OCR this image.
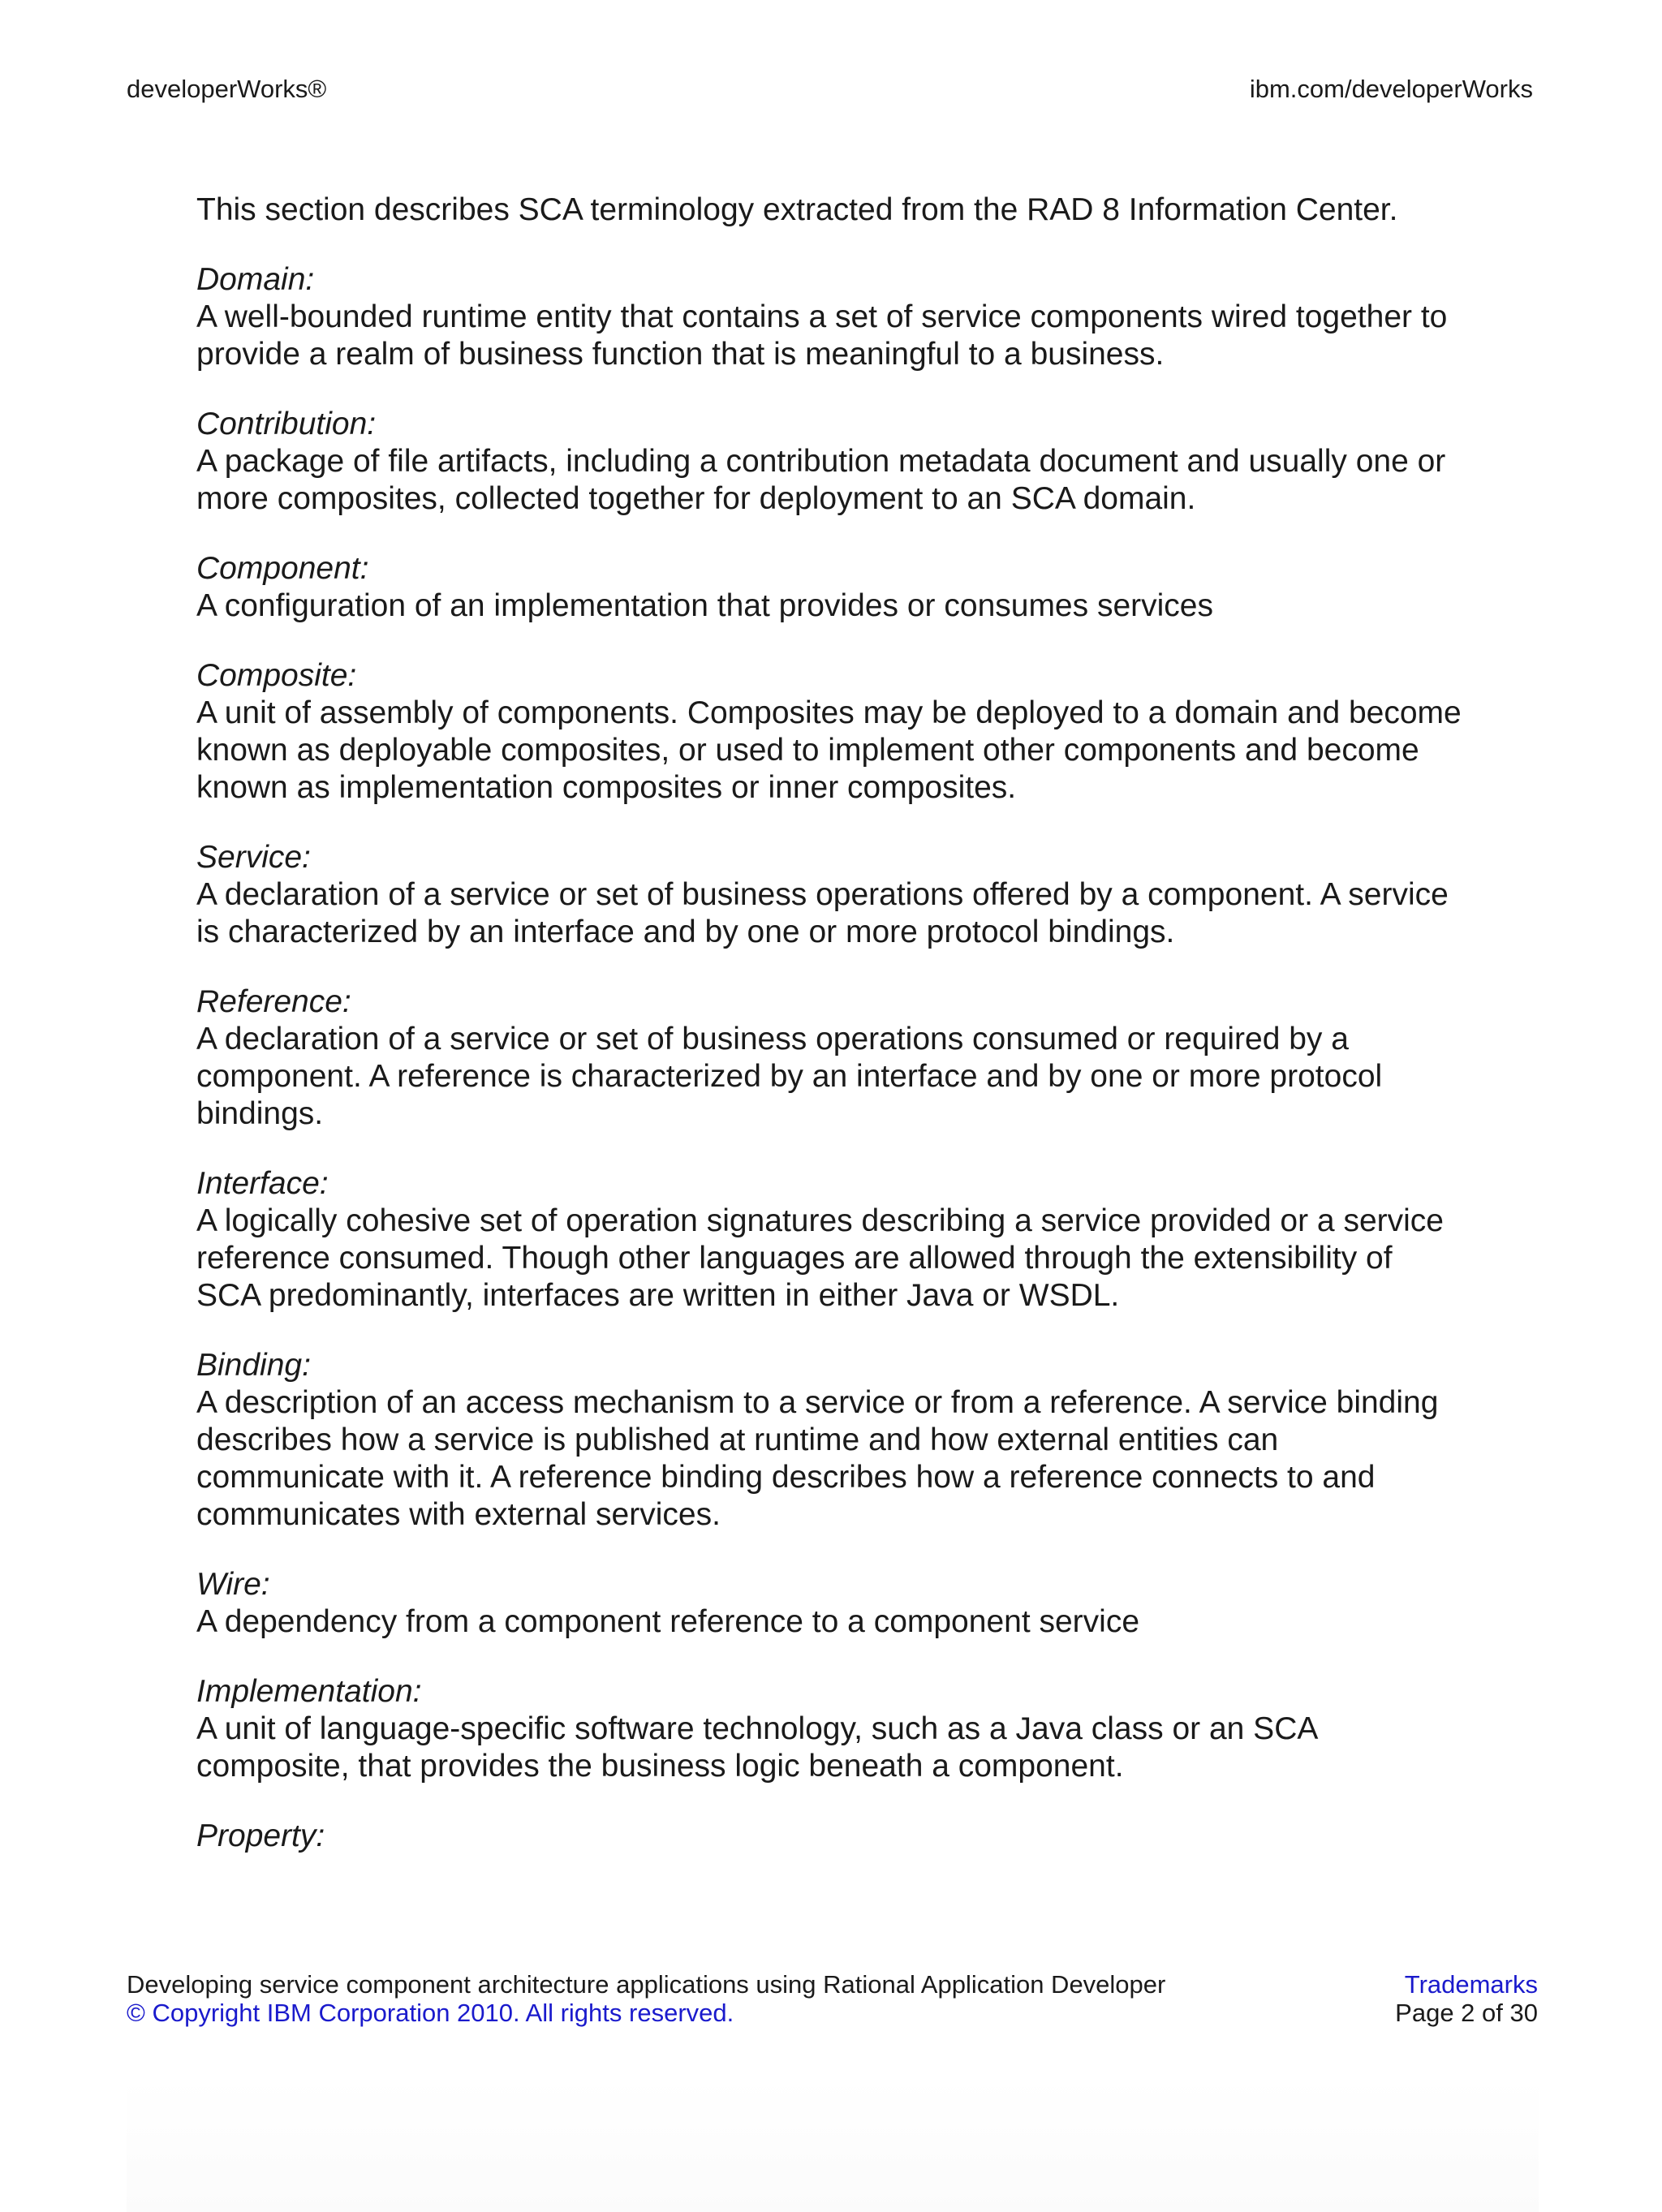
developerWorks®	ibm.com/developerWorks

This section describes SCA terminology extracted from the RAD 8 Information Center.

Domain:

A well-bounded runtime entity that contains a set of service components wired together to provide a realm of business function that is meaningful to a business.

Contribution:

A package of file artifacts, including a contribution metadata document and usually one or more composites, collected together for deployment to an SCA domain.

Component:

A configuration of an implementation that provides or consumes services

Composite:

A unit of assembly of components. Composites may be deployed to a domain and become known as deployable composites, or used to implement other components and become known as implementation composites or inner composites.

Service:

A declaration of a service or set of business operations offered by a component. A service is characterized by an interface and by one or more protocol bindings.

Reference:

A declaration of a service or set of business operations consumed or required by a component. A reference is characterized by an interface and by one or more protocol bindings.

Interface:

A logically cohesive set of operation signatures describing a service provided or a service reference consumed. Though other languages are allowed through the extensibility of SCA predominantly, interfaces are written in either Java or WSDL.

Binding:

A description of an access mechanism to a service or from a reference. A service binding describes how a service is published at runtime and how external entities can communicate with it. A reference binding describes how a reference connects to and communicates with external services.

Wire:

A dependency from a component reference to a component service

Implementation:

A unit of language-specific software technology, such as a Java class or an SCA composite, that provides the business logic beneath a component.

Property:

Developing service component architecture applications using Rational Application Developer
© Copyright IBM Corporation 2010. All rights reserved.
Trademarks
Page 2 of 30
